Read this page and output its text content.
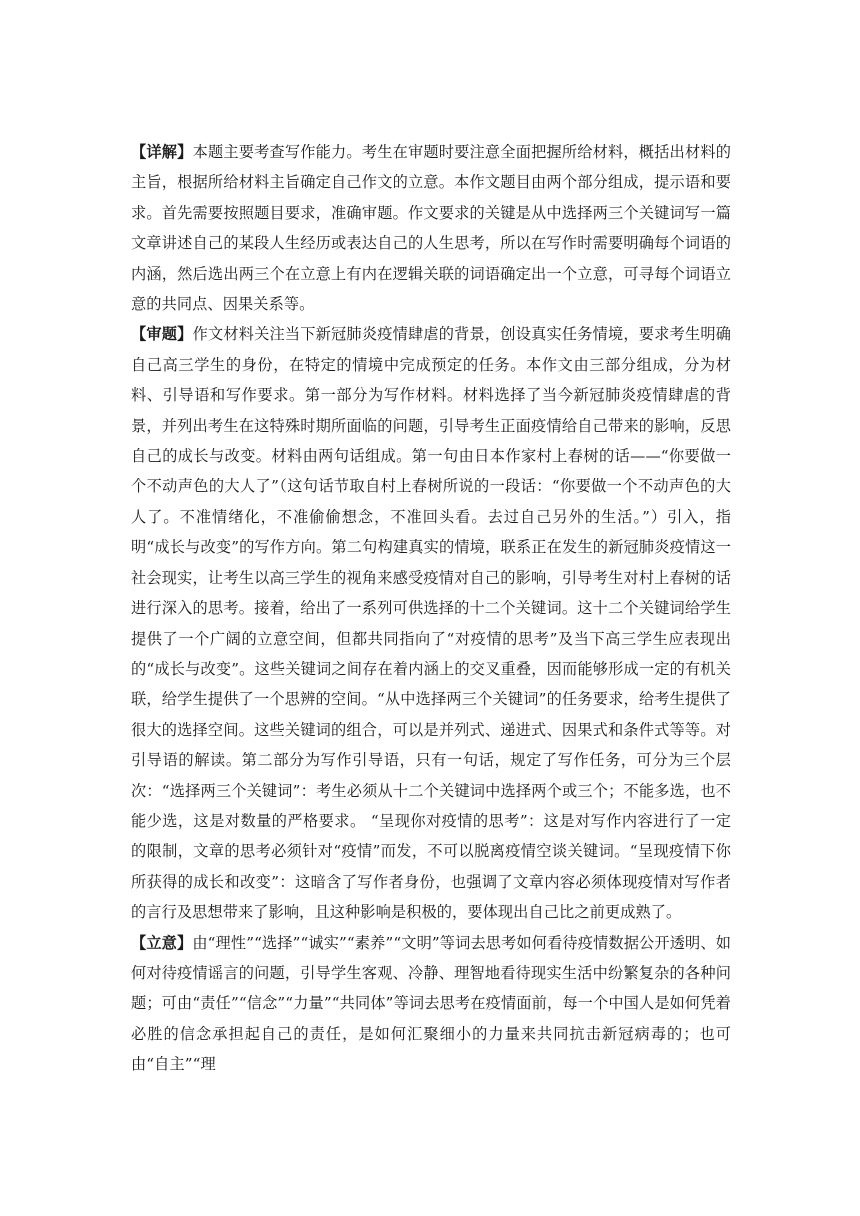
【详解】本题主要考查写作能力。考生在审题时要注意全面把握所给材料，概括出材料的主旨，根据所给材料主旨确定自己作文的立意。本作文题目由两个部分组成，提示语和要求。首先需要按照题目要求，准确审题。作文要求的关键是从中选择两三个关键词写一篇文章讲述自己的某段人生经历或表达自己的人生思考，所以在写作时需要明确每个词语的内涵，然后选出两三个在立意上有内在逻辑关联的词语确定出一个立意，可寻每个词语立意的共同点、因果关系等。

【审题】作文材料关注当下新冠肺炎疫情肆虐的背景，创设真实任务情境，要求考生明确自己高三学生的身份，在特定的情境中完成预定的任务。本作文由三部分组成，分为材料、引导语和写作要求。第一部分为写作材料。材料选择了当今新冠肺炎疫情肆虐的背景，并列出考生在这特殊时期所面临的问题，引导考生正面疫情给自己带来的影响，反思自己的成长与改变。材料由两句话组成。第一句由日本作家村上春树的话——“你要做一个不动声色的大人了”（这句话节取自村上春树所说的一段话：“你要做一个不动声色的大人了。不准情绪化，不准偷偷想念，不准回头看。去过自己另外的生活。”）引入，指明“成长与改变”的写作方向。第二句构建真实的情境，联系正在发生的新冠肺炎疫情这一社会现实，让考生以高三学生的视角来感受疫情对自己的影响，引导考生对村上春树的话进行深入的思考。接着，给出了一系列可供选择的十二个关键词。这十二个关键词给学生提供了一个广阔的立意空间，但都共同指向了“对疫情的思考”及当下高三学生应表现出的“成长与改变”。这些关键词之间存在着内涵上的交叉重叠，因而能够形成一定的有机关联，给学生提供了一个思辨的空间。“从中选择两三个关键词”的任务要求，给考生提供了很大的选择空间。这些关键词的组合，可以是并列式、递进式、因果式和条件式等等。对引导语的解读。第二部分为写作引导语，只有一句话，规定了写作任务，可分为三个层次：“选择两三个关键词”：考生必须从十二个关键词中选择两个或三个；不能多选，也不能少选，这是对数量的严格要求。 “呈现你对疫情的思考”：这是对写作内容进行了一定的限制，文章的思考必须针对“疫情”而发，不可以脱离疫情空谈关键词。“呈现疫情下你所获得的成长和改变”：这暗含了写作者身份，也强调了文章内容必须体现疫情对写作者的言行及思想带来了影响，且这种影响是积极的，要体现出自己比之前更成熟了。

【立意】由“理性”“选择”“诚实”“素养”“文明”等词去思考如何看待疫情数据公开透明、如何对待疫情谣言的问题，引导学生客观、冷静、理智地看待现实生活中纷繁复杂的各种问题；可由“责任”“信念”“力量”“共同体”等词去思考在疫情面前，每一个中国人是如何凭着必胜的信念承担起自己的责任，是如何汇聚细小的力量来共同抗击新冠病毒的；也可由“自主”“理
